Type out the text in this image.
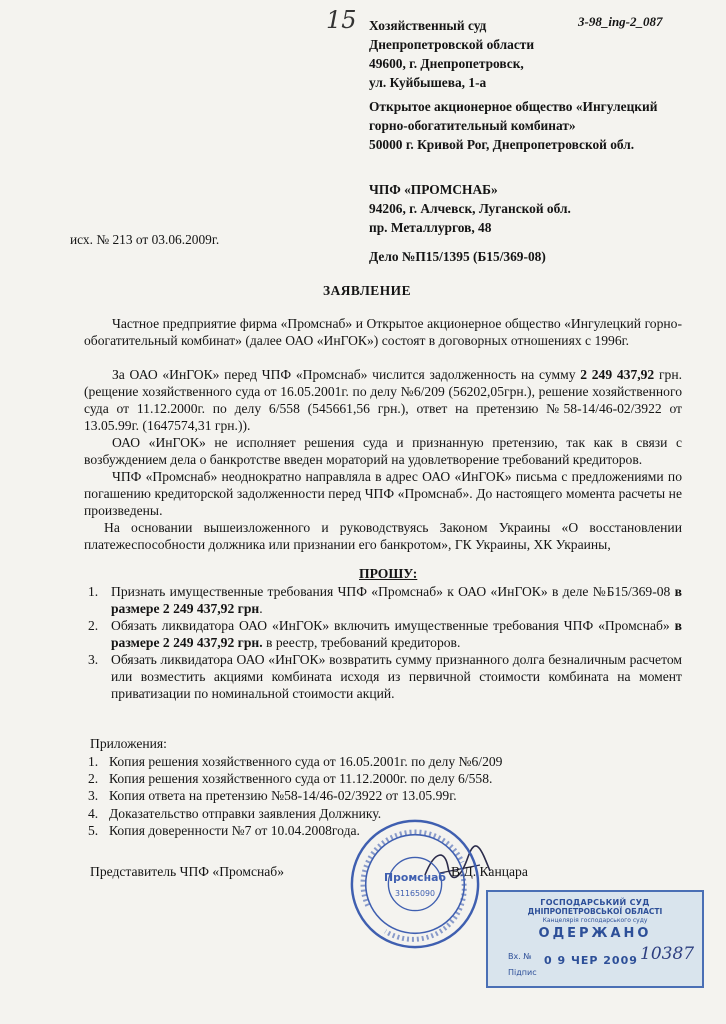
15	3-98_ing-2_087
Хозяйственный суд
Днепропетровской области
49600, г. Днепропетровск,
ул. Куйбышева, 1-а
Открытое акционерное общество «Ингулецкий
горно-обогатительный комбинат»
50000 г. Кривой Рог, Днепропетровской обл.
ЧПФ «ПРОМСНАБ»
94206, г. Алчевск, Луганской обл.
пр. Металлургов, 48
исх. № 213 от 03.06.2009г.
Дело №П15/1395 (Б15/369-08)
ЗАЯВЛЕНИЕ
Частное предприятие фирма «Промснаб» и Открытое акционерное общество «Ингулецкий горно-обогатительный комбинат» (далее ОАО «ИнГОК») состоят в договорных отношениях с 1996г.
За ОАО «ИнГОК» перед ЧПФ «Промснаб» числится задолженность на сумму 2 249 437,92 грн. (рещение хозяйственного суда от 16.05.2001г. по делу №6/209 (56202,05грн.), решение хозяйственного суда от 11.12.2000г. по делу 6/558 (545661,56 грн.), ответ на претензию №58-14/46-02/3922 от 13.05.99г. (1647574,31 грн.)).
ОАО «ИнГОК» не исполняет решения суда и признанную претензию, так как в связи с возбуждением дела о банкротстве введен мораторий на удовлетворение требований кредиторов.
ЧПФ «Промснаб» неоднократно направляла в адрес ОАО «ИнГОК» письма с предложениями по погашению кредиторской задолженности перед ЧПФ «Промснаб». До настоящего момента расчеты не произведены.
На основании вышеизложенного и руководствуясь Законом Украины «О восстановлении платежеспособности должника или признании его банкротом», ГК Украины, ХК Украины,
ПРОШУ:
1. Признать имущественные требования ЧПФ «Промснаб» к ОАО «ИнГОК» в деле №Б15/369-08 в размере 2 249 437,92 грн.
2. Обязать ликвидатора ОАО «ИнГОК» включить имущественные требования ЧПФ «Промснаб» в размере 2 249 437,92 грн. в реестр, требований кредиторов.
3. Обязать ликвидатора ОАО «ИнГОК» возвратить сумму признанного долга безналичным расчетом или возместить акциями комбината исходя из первичной стоимости комбината на момент приватизации по номинальной стоимости акций.
Приложения:
1. Копия решения хозяйственного суда от 16.05.2001г. по делу №6/209
2. Копия решения хозяйственного суда от 11.12.2000г. по делу 6/558.
3. Копия ответа на претензию №58-14/46-02/3922 от 13.05.99г.
4. Доказательство отправки заявления Должнику.
5. Копия доверенности №7 от 10.04.2008года.
Представитель ЧПФ «Промснаб»	В.Д. Канцара
Промснаб
31165090
ГОСПОДАРСЬКИЙ СУД
ДНІПРОПЕТРОВСЬКОЇ ОБЛАСТІ
Канцелярія господарського суду
ОДЕРЖАНО
Вх. №
Підпис
0 9 ЧЕР 2009 10387
